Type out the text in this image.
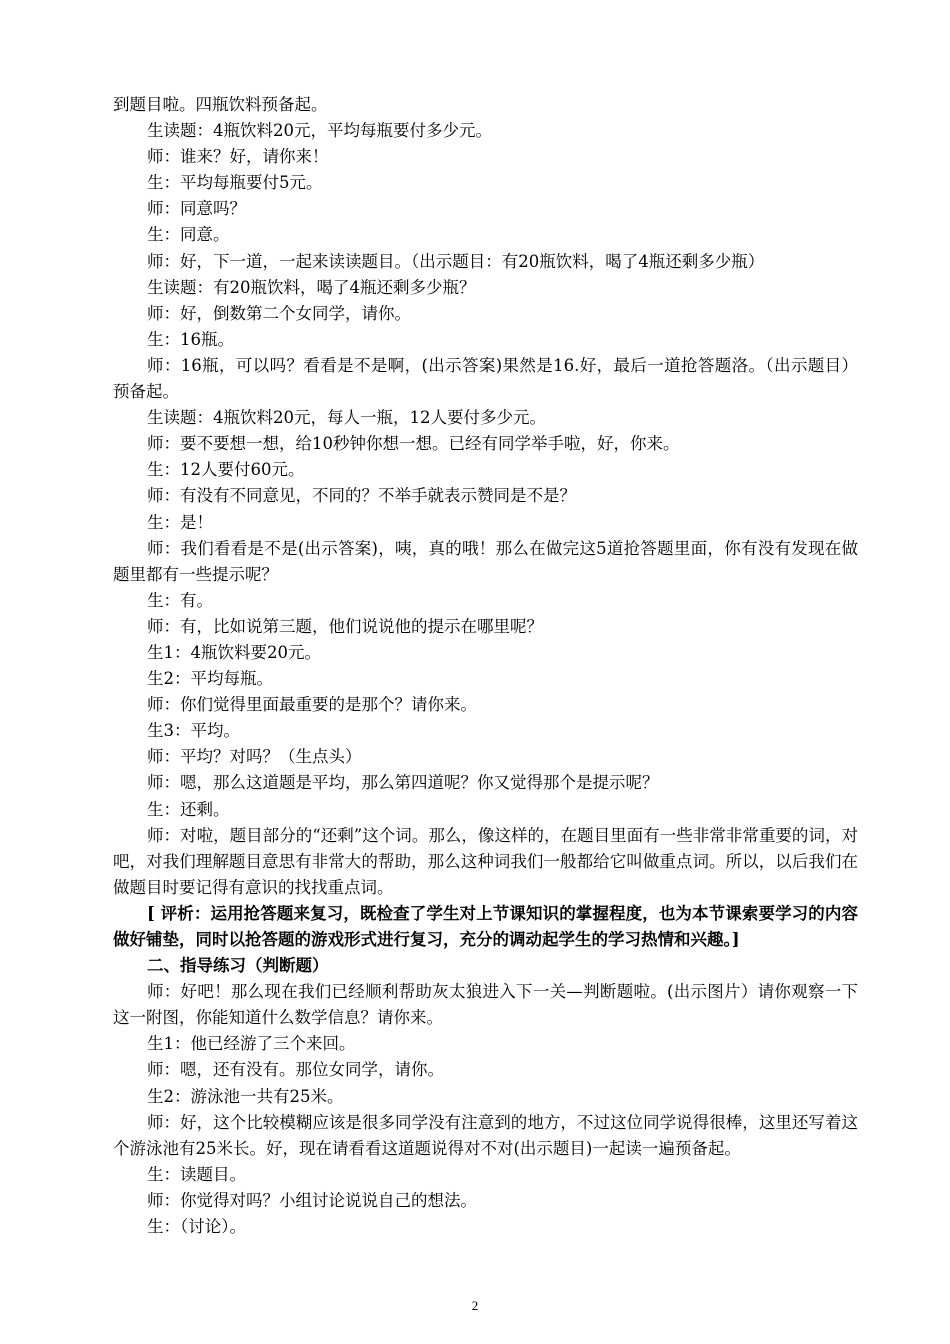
到题目啦。四瓶饮料预备起。

生读题：4瓶饮料20元，平均每瓶要付多少元。

师：谁来？好，请你来！

生：平均每瓶要付5元。

师：同意吗？

生：同意。

师：好，下一道，一起来读读题目。（出示题目：有20瓶饮料，喝了4瓶还剩多少瓶）

生读题：有20瓶饮料，喝了4瓶还剩多少瓶？

师：好，倒数第二个女同学，请你。

生：16瓶。

师：16瓶，可以吗？看看是不是啊，(出示答案)果然是16.好，最后一道抢答题洛。（出示题目）预备起。

生读题：4瓶饮料20元，每人一瓶，12人要付多少元。

师：要不要想一想，给10秒钟你想一想。已经有同学举手啦，好，你来。

生：12人要付60元。

师：有没有不同意见，不同的？不举手就表示赞同是不是？

生：是！

师：我们看看是不是(出示答案)，咦，真的哦！那么在做完这5道抢答题里面，你有没有发现在做题里都有一些提示呢？

生：有。

师：有，比如说第三题，他们说说他的提示在哪里呢？

生1：4瓶饮料要20元。

生2：平均每瓶。

师：你们觉得里面最重要的是那个？请你来。

生3：平均。

师：平均？对吗？（生点头）

师：嗯，那么这道题是平均，那么第四道呢？你又觉得那个是提示呢？

生：还剩。

师：对啦，题目部分的“还剩”这个词。那么，像这样的，在题目里面有一些非常非常重要的词，对吧，对我们理解题目意思有非常大的帮助，那么这种词我们一般都给它叫做重点词。所以，以后我们在做题目时要记得有意识的找找重点词。

[ 评析：运用抢答题来复习，既检查了学生对上节课知识的掌握程度，也为本节课索要学习的内容做好铺垫，同时以抢答题的游戏形式进行复习，充分的调动起学生的学习热情和兴趣。]

二、指导练习（判断题）

师：好吧！那么现在我们已经顺利帮助灰太狼进入下一关—判断题啦。(出示图片）请你观察一下这一附图，你能知道什么数学信息？请你来。

生1：他已经游了三个来回。

师：嗯，还有没有。那位女同学，请你。

生2：游泳池一共有25米。

师：好，这个比较模糊应该是很多同学没有注意到的地方，不过这位同学说得很棒，这里还写着这个游泳池有25米长。好，现在请看看这道题说得对不对(出示题目)一起读一遍预备起。

生：读题目。

师：你觉得对吗？小组讨论说说自己的想法。

生：（讨论）。

2
